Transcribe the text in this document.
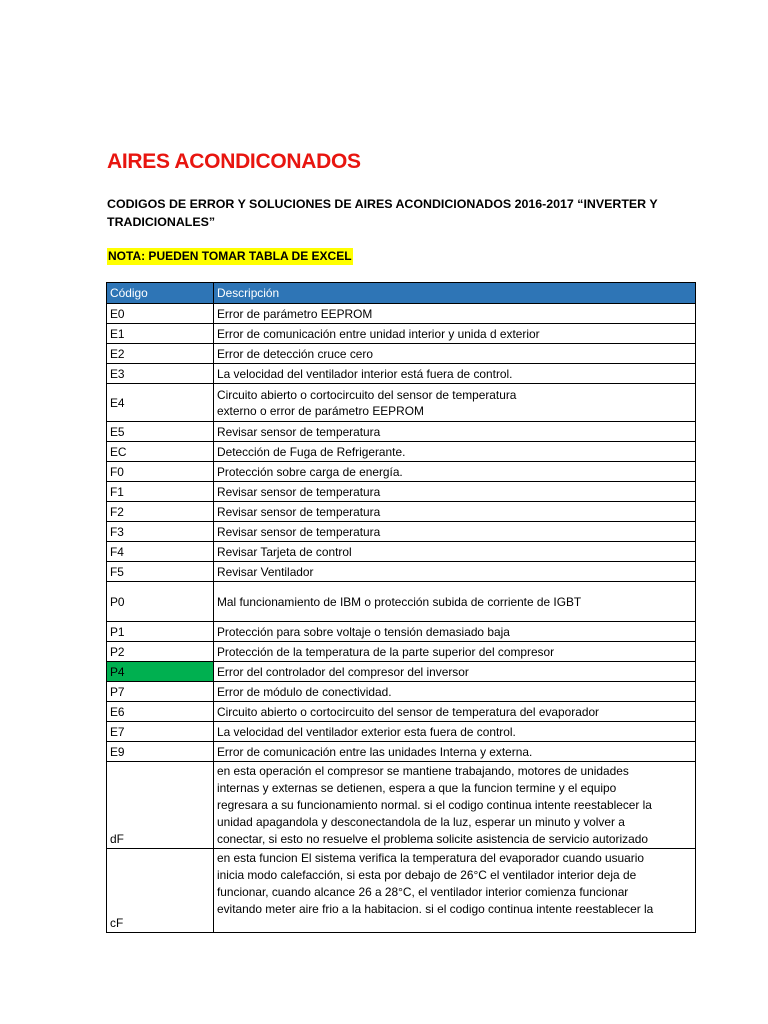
AIRES ACONDICONADOS
CODIGOS DE ERROR Y SOLUCIONES DE AIRES ACONDICIONADOS 2016-2017 “INVERTER Y TRADICIONALES”
NOTA: PUEDEN TOMAR TABLA DE EXCEL
Código	Descripción
E0	Error de parámetro EEPROM
E1	Error de comunicación entre unidad interior y unida d exterior
E2	Error de detección cruce cero
E3	La velocidad del ventilador interior está fuera de control.
E4	Circuito abierto o cortocircuito del sensor de temperatura
externo o error de parámetro EEPROM
E5	Revisar sensor de temperatura
EC	Detección de Fuga de Refrigerante.
F0	Protección sobre carga de energía.
F1	Revisar sensor de temperatura
F2	Revisar sensor de temperatura
F3	Revisar sensor de temperatura
F4	Revisar Tarjeta de control
F5	Revisar Ventilador
P0	Mal funcionamiento de IBM o protección subida de corriente de IGBT
P1	Protección para sobre voltaje o tensión demasiado baja
P2	Protección de la temperatura de la parte superior del compresor
P4	Error del controlador del compresor del inversor
P7	Error de módulo de conectividad.
E6	Circuito abierto o cortocircuito del sensor de temperatura del evaporador
E7	La velocidad del ventilador exterior esta fuera de control.
E9	Error de comunicación entre las unidades Interna y externa.
dF	en esta operación el compresor se mantiene trabajando, motores de unidades
internas y externas se detienen, espera a que la funcion termine y el equipo
regresara a su funcionamiento normal. si el codigo continua intente reestablecer la
unidad apagandola y desconectandola de la luz, esperar un minuto y volver a
conectar, si esto no resuelve el problema solicite asistencia de servicio autorizado
cF	en esta funcion El sistema verifica la temperatura del evaporador cuando usuario
inicia modo calefacción, si esta por debajo de 26°C el ventilador interior deja de
funcionar, cuando alcance 26 a 28°C, el ventilador interior comienza funcionar
evitando meter aire frio a la habitacion. si el codigo continua intente reestablecer la
